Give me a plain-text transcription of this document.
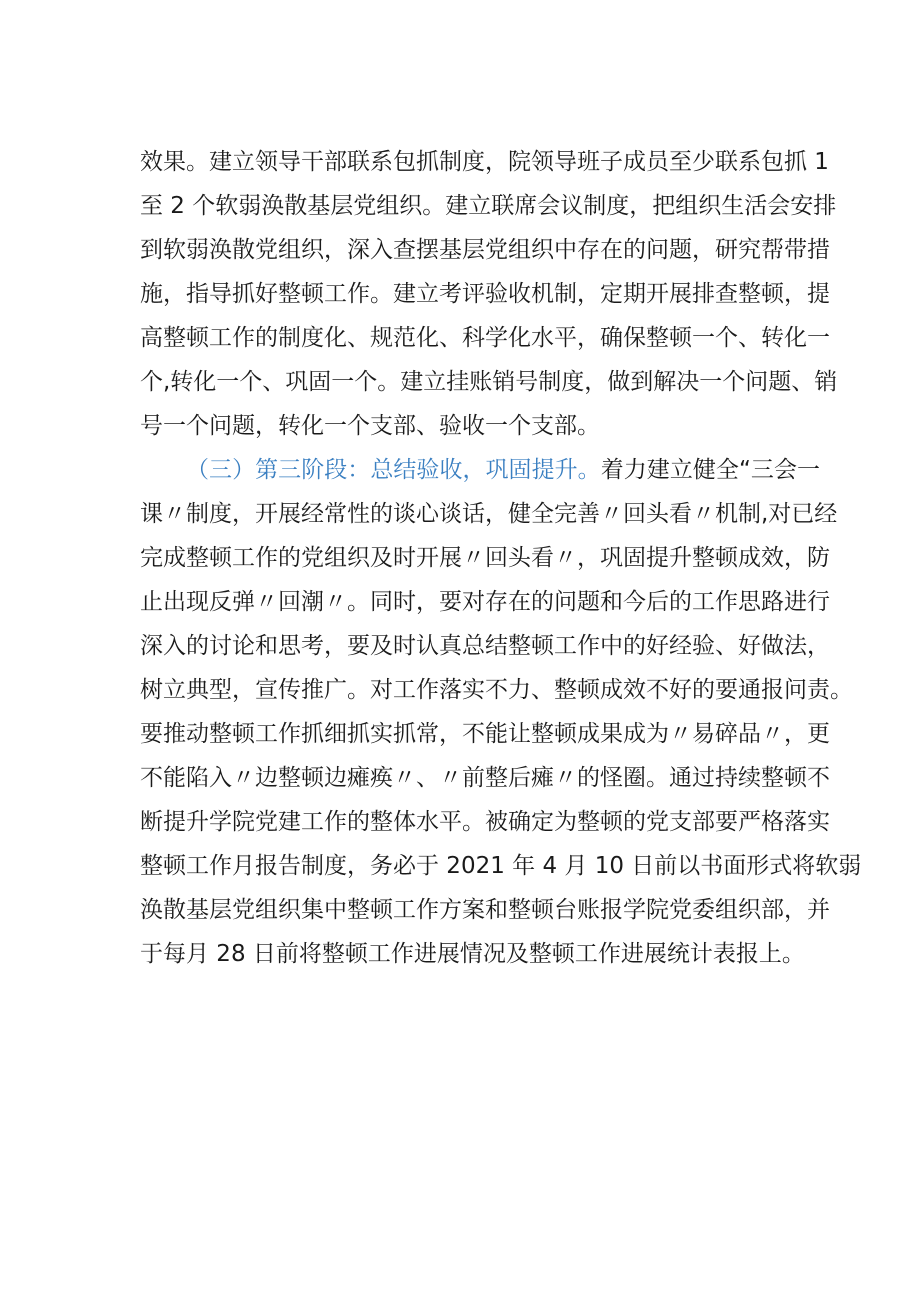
效果。建立领导干部联系包抓制度，院领导班子成员至少联系包抓 1
至 2 个软弱涣散基层党组织。建立联席会议制度，把组织生活会安排
到软弱涣散党组织，深入查摆基层党组织中存在的问题，研究帮带措
施，指导抓好整顿工作。建立考评验收机制，定期开展排查整顿，提
高整顿工作的制度化、规范化、科学化水平，确保整顿一个、转化一
个,转化一个、巩固一个。建立挂账销号制度，做到解决一个问题、销
号一个问题，转化一个支部、验收一个支部。
（三）第三阶段：总结验收，巩固提升。着力建立健全“三会一
课〃制度，开展经常性的谈心谈话，健全完善〃回头看〃机制,对已经
完成整顿工作的党组织及时开展〃回头看〃，巩固提升整顿成效，防
止出现反弹〃回潮〃。同时，要对存在的问题和今后的工作思路进行
深入的讨论和思考，要及时认真总结整顿工作中的好经验、好做法，
树立典型，宣传推广。对工作落实不力、整顿成效不好的要通报问责。
要推动整顿工作抓细抓实抓常，不能让整顿成果成为〃易碎品〃，更
不能陷入〃边整顿边瘫痪〃、〃前整后瘫〃的怪圈。通过持续整顿不
断提升学院党建工作的整体水平。被确定为整顿的党支部要严格落实
整顿工作月报告制度，务必于 2021 年 4 月 10 日前以书面形式将软弱
涣散基层党组织集中整顿工作方案和整顿台账报学院党委组织部，并
于每月 28 日前将整顿工作进展情况及整顿工作进展统计表报上。
